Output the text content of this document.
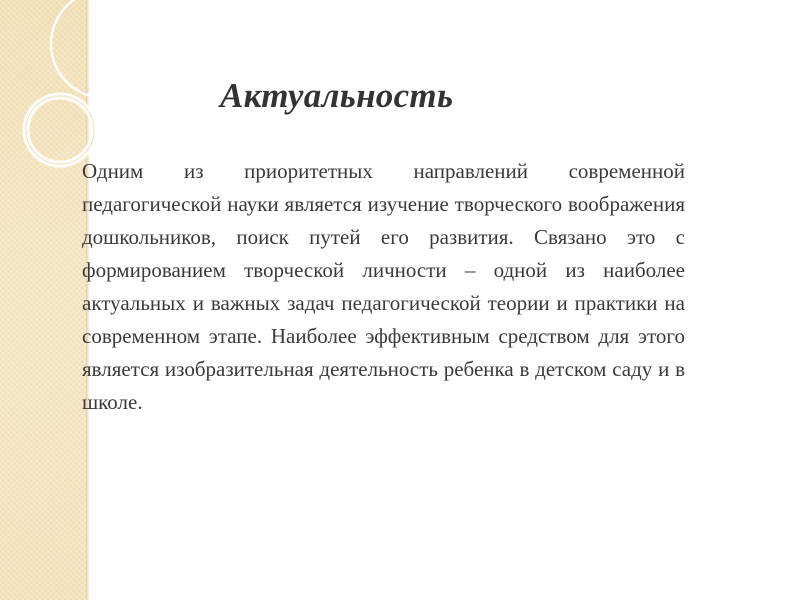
Актуальность

Одним из приоритетных направлений современной педагогической науки является изучение творческого воображения дошкольников, поиск путей его развития. Связано это с формированием творческой личности – одной из наиболее актуальных и важных задач педагогической теории и практики на современном этапе. Наиболее эффективным средством для этого является изобразительная деятельность ребенка в детском саду и в школе.
